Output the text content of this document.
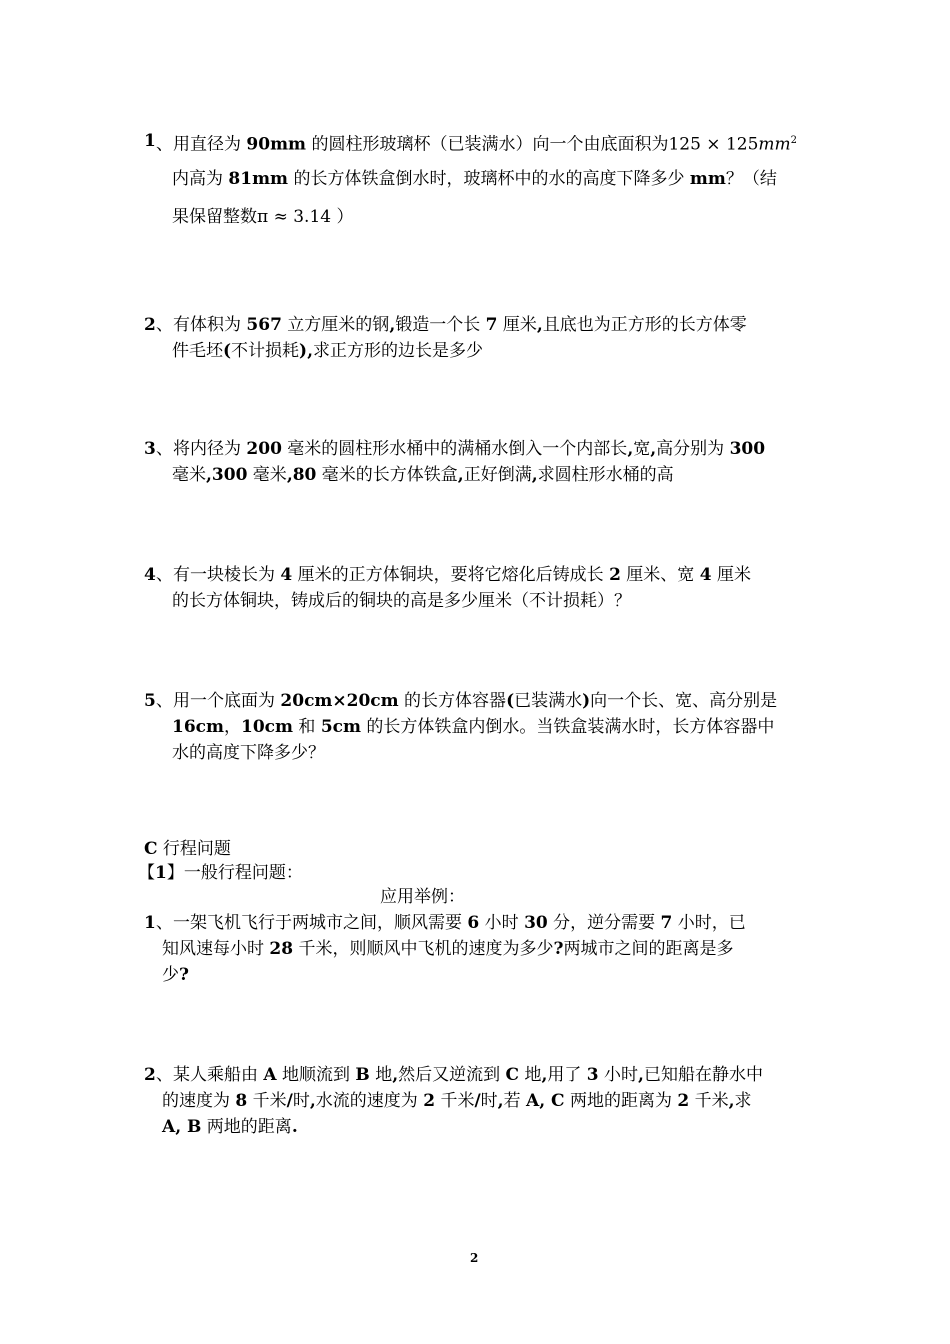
1 、用直径为 90mm 的圆柱形玻璃杯（已装满水）向一个由底面积为$125 \times 125mm^2$
内高为 81mm 的长方体铁盒倒水时，玻璃杯中的水的高度下降多少 mm？（结
果保留整数π ≈ 3.14 ）
2 、有体积为 567 立方厘米的钢,锻造一个长 7 厘米,且底也为正方形的长方体零
件毛坯(不计损耗),求正方形的边长是多少
3 、将内径为 200 毫米的圆柱形水桶中的满桶水倒入一个内部长,宽,高分别为 300
毫米,300 毫米,80 毫米的长方体铁盒,正好倒满,求圆柱形水桶的高
4 、有一块棱长为 4 厘米的正方体铜块，要将它熔化后铸成长 2 厘米、宽 4 厘米
的长方体铜块，铸成后的铜块的高是多少厘米（不计损耗）？
5 、用一个底面为 20cm×20cm 的长方体容器(已装满水)向一个长、宽、高分别是
16cm，10cm 和 5cm 的长方体铁盒内倒水。当铁盒装满水时，长方体容器中
水的高度下降多少？
C 行程问题
【1】一般行程问题：
应用举例：
1 、一架飞机飞行于两城市之间，顺风需要 6 小时 30 分，逆分需要 7 小时，已
知风速每小时 28 千米，则顺风中飞机的速度为多少?两城市之间的距离是多
少?
2 、某人乘船由 A 地顺流到 B 地,然后又逆流到 C 地,用了 3 小时,已知船在静水中
的速度为 8 千米/时,水流的速度为 2 千米/时,若 A, C 两地的距离为 2 千米,求
A, B 两地的距离.
2
